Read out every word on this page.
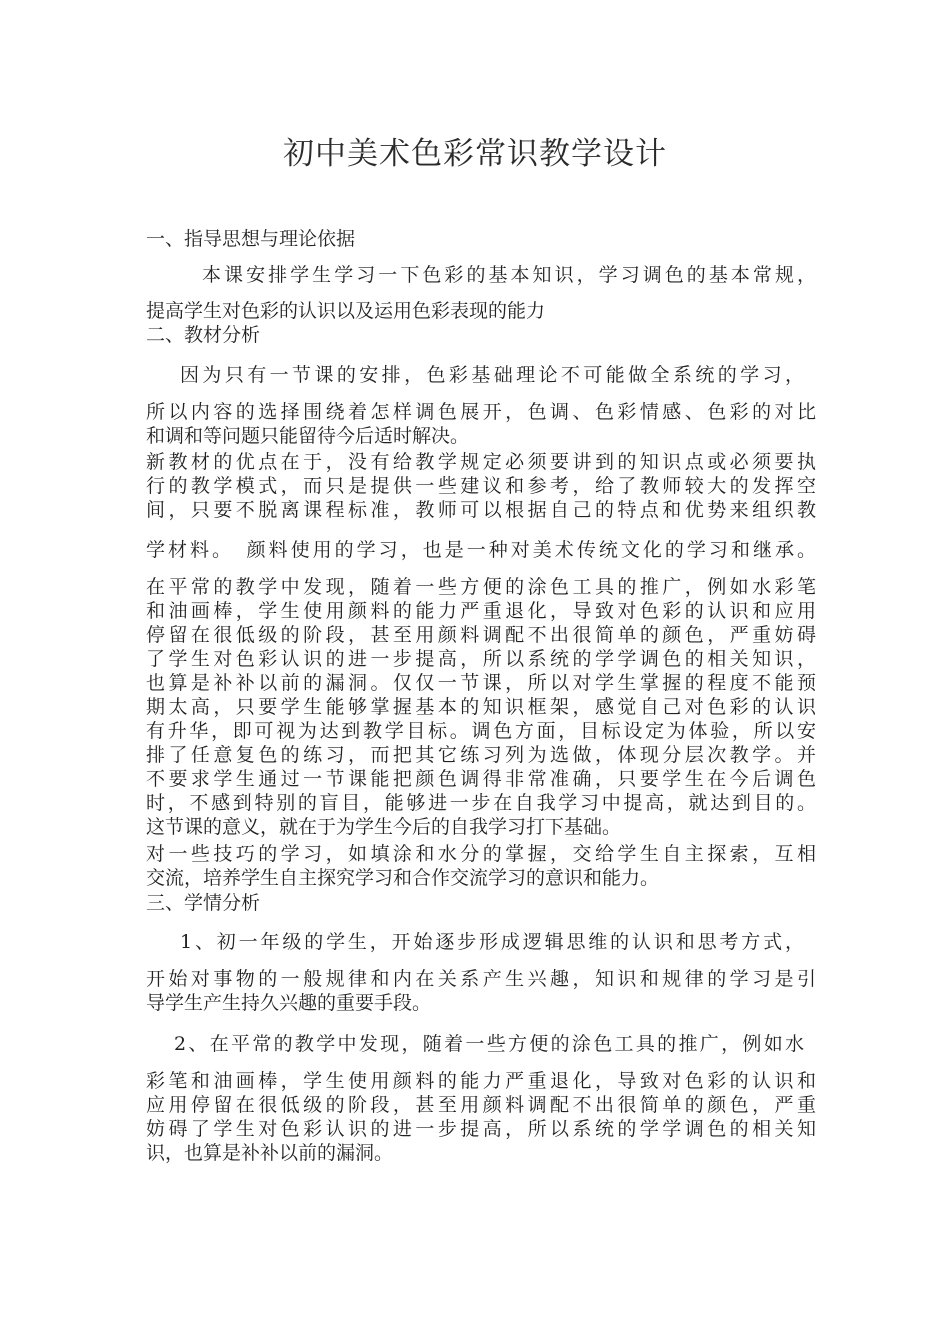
初中美术色彩常识教学设计
一、指导思想与理论依据
本课安排学生学习一下色彩的基本知识，学习调色的基本常规，
提高学生对色彩的认识以及运用色彩表现的能力
二、教材分析
因为只有一节课的安排，色彩基础理论不可能做全系统的学习，
所以内容的选择围绕着怎样调色展开，色调、色彩情感、色彩的对比
和调和等问题只能留待今后适时解决。
新教材的优点在于，没有给教学规定必须要讲到的知识点或必须要执
行的教学模式，而只是提供一些建议和参考，给了教师较大的发挥空
间，只要不脱离课程标准，教师可以根据自己的特点和优势来组织教
学材料。　颜料使用的学习，也是一种对美术传统文化的学习和继承。
在平常的教学中发现，随着一些方便的涂色工具的推广，例如水彩笔
和油画棒，学生使用颜料的能力严重退化，导致对色彩的认识和应用
停留在很低级的阶段，甚至用颜料调配不出很简单的颜色，严重妨碍
了学生对色彩认识的进一步提高，所以系统的学学调色的相关知识，
也算是补补以前的漏洞。仅仅一节课，所以对学生掌握的程度不能预
期太高，只要学生能够掌握基本的知识框架，感觉自己对色彩的认识
有升华，即可视为达到教学目标。调色方面，目标设定为体验，所以安
排了任意复色的练习，而把其它练习列为选做，体现分层次教学。并
不要求学生通过一节课能把颜色调得非常准确，只要学生在今后调色
时，不感到特别的盲目，能够进一步在自我学习中提高，就达到目的。
这节课的意义，就在于为学生今后的自我学习打下基础。
对一些技巧的学习，如填涂和水分的掌握，交给学生自主探索，互相
交流，培养学生自主探究学习和合作交流学习的意识和能力。
三、学情分析
1、初一年级的学生，开始逐步形成逻辑思维的认识和思考方式，
开始对事物的一般规律和内在关系产生兴趣，知识和规律的学习是引
导学生产生持久兴趣的重要手段。
2、在平常的教学中发现，随着一些方便的涂色工具的推广，例如水
彩笔和油画棒，学生使用颜料的能力严重退化，导致对色彩的认识和
应用停留在很低级的阶段，甚至用颜料调配不出很简单的颜色，严重
妨碍了学生对色彩认识的进一步提高，所以系统的学学调色的相关知
识，也算是补补以前的漏洞。
